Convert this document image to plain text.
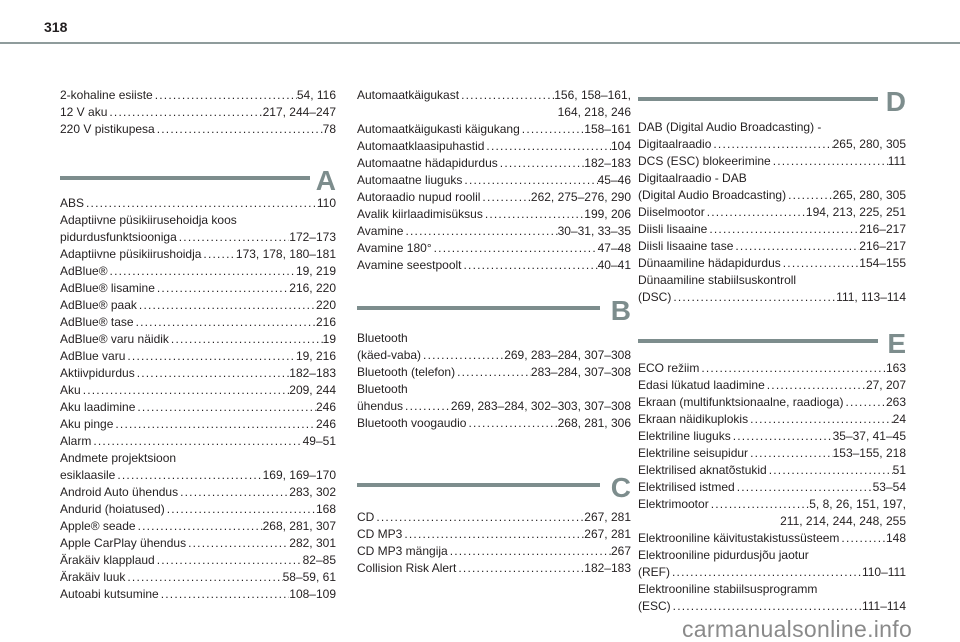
318
2-kohaline esiiste .....	54, 116
12 V aku .....	217, 244–247
220 V pistikupesa .....	78
A
ABS .....	110
Adaptiivne püsikiirusehoidja koos
pidurdusfunktsiooniga .....	172–173
Adaptiivne püsikiirushoidja .....	173, 178, 180–181
AdBlue® .....	19, 219
AdBlue® lisamine .....	216, 220
AdBlue® paak .....	220
AdBlue® tase .....	216
AdBlue® varu näidik .....	19
AdBlue varu .....	19, 216
Aktiivpidurdus .....	182–183
Aku .....	209, 244
Aku laadimine .....	246
Aku pinge .....	246
Alarm .....	49–51
Andmete projektsioon
esiklaasile .....	169, 169–170
Android Auto ühendus .....	283, 302
Andurid (hoiatused) .....	168
Apple® seade .....	268, 281, 307
Apple CarPlay ühendus .....	282, 301
Ärakäiv klapplaud .....	82–85
Ärakäiv luuk .....	58–59, 61
Autoabi kutsumine .....	108–109
Automaatkäigukast .....	156, 158–161,
164, 218, 246
Automaatkäigukasti käigukang .....	158–161
Automaatklaasipuhastid .....	104
Automaatne hädapidurdus .....	182–183
Automaatne liuguks .....	45–46
Autoraadio nupud roolil .....	262, 275–276, 290
Avalik kiirlaadimisüksus .....	199, 206
Avamine .....	30–31, 33–35
Avamine 180° .....	47–48
Avamine seestpoolt .....	40–41
B
Bluetooth
(käed-vaba) .....	269, 283–284, 307–308
Bluetooth (telefon) .....	283–284, 307–308
Bluetooth
ühendus .....	269, 283–284, 302–303, 307–308
Bluetooth voogaudio .....	268, 281, 306
C
CD .....	267, 281
CD MP3 .....	267, 281
CD MP3 mängija .....	267
Collision Risk Alert .....	182–183
D
DAB (Digital Audio Broadcasting) -
Digitaalraadio .....	265, 280, 305
DCS (ESC) blokeerimine .....	111
Digitaalraadio - DAB
(Digital Audio Broadcasting) .....	265, 280, 305
Diiselmootor .....	194, 213, 225, 251
Diisli lisaaine .....	216–217
Diisli lisaaine tase .....	216–217
Dünaamiline hädapidurdus .....	154–155
Dünaamiline stabiilsuskontroll
(DSC) .....	111, 113–114
E
ECO režiim .....	163
Edasi lükatud laadimine .....	27, 207
Ekraan (multifunktsionaalne, raadioga) .....	263
Ekraan näidikuplokis .....	24
Elektriline liuguks .....	35–37, 41–45
Elektriline seisupidur .....	153–155, 218
Elektrilised aknatõstukid .....	51
Elektrilised istmed .....	53–54
Elektrimootor .....	5, 8, 26, 151, 197,
211, 214, 244, 248, 255
Elektrooniline käivitustakistussüsteem .....	148
Elektrooniline pidurdusjõu jaotur
(REF) .....	110–111
Elektrooniline stabiilsusprogramm
(ESC) .....	111–114
carmanualsonline.info
